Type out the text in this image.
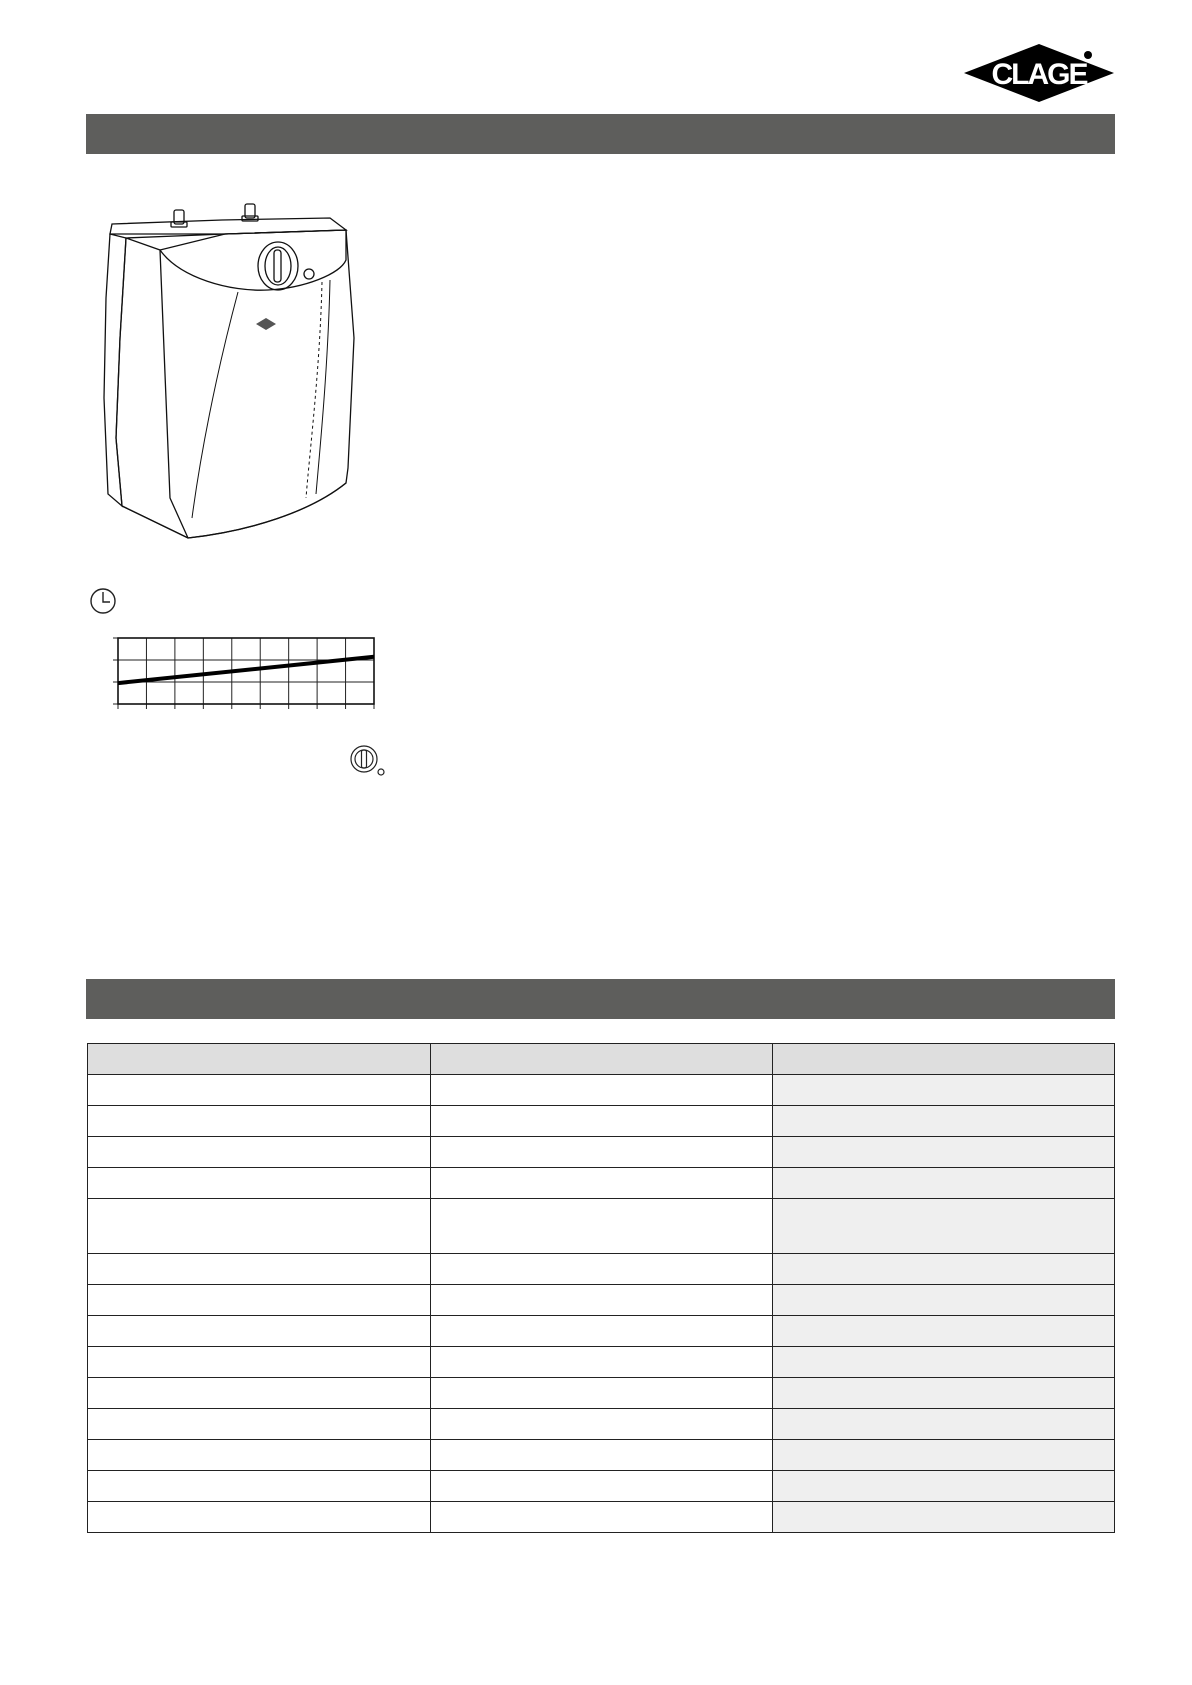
CLAGE
